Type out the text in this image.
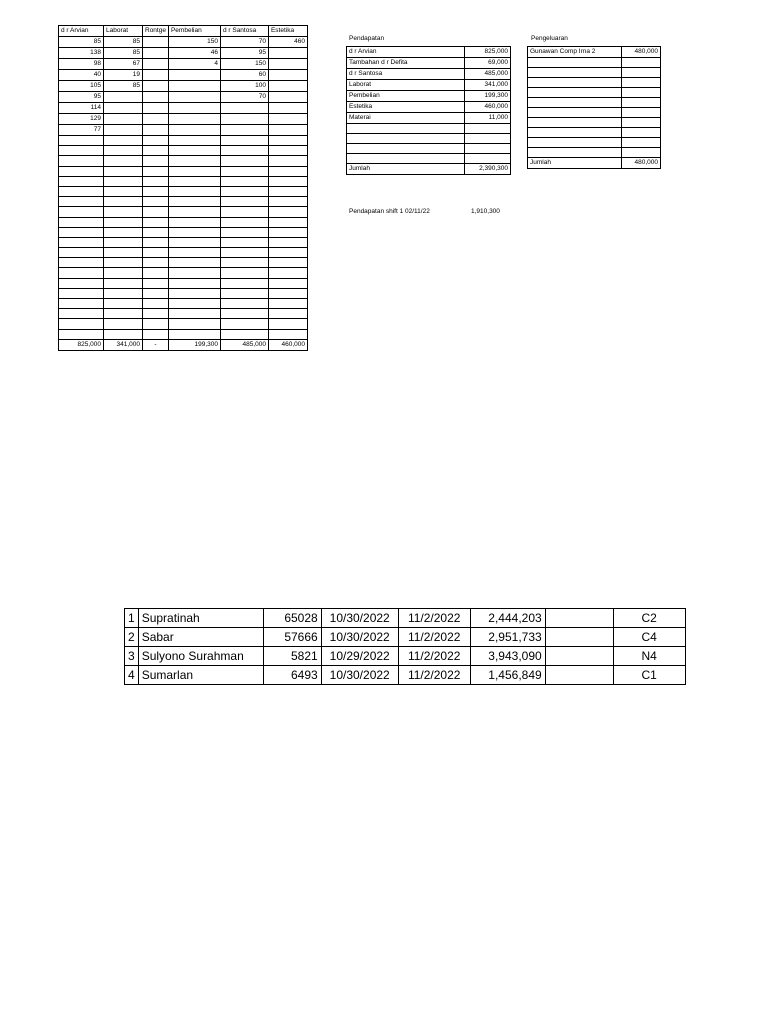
d r Arvian	Laborat	Rontge	Pembelian	d r Santosa	Estetika
85	85		150	70	460
138	85		46	95	
98	67		4	150	
40	19			60	
105	85			100	
95				70	
114					
129					
77					

825,000	341,000	-	199,300	485,000	460,000
Pendapatan
d r Arvian	825,000
Tambahan d r Defita	69,000
d r Santosa	485,000
Laborat	341,000
Pembelian	199,300
Estetika	460,000
Materai	11,000

Jumlah	2,390,300
Pengeluaran
Gunawan Comp Irna 2	480,000

Jumlah	480,000
Pendapatan shift 1 02/11/22	1,910,300
1	Supratinah	65028	10/30/2022	11/2/2022	2,444,203		C2
2	Sabar	57666	10/30/2022	11/2/2022	2,951,733		C4
3	Sulyono Surahman	5821	10/29/2022	11/2/2022	3,943,090		N4
4	Sumarlan	6493	10/30/2022	11/2/2022	1,456,849		C1
